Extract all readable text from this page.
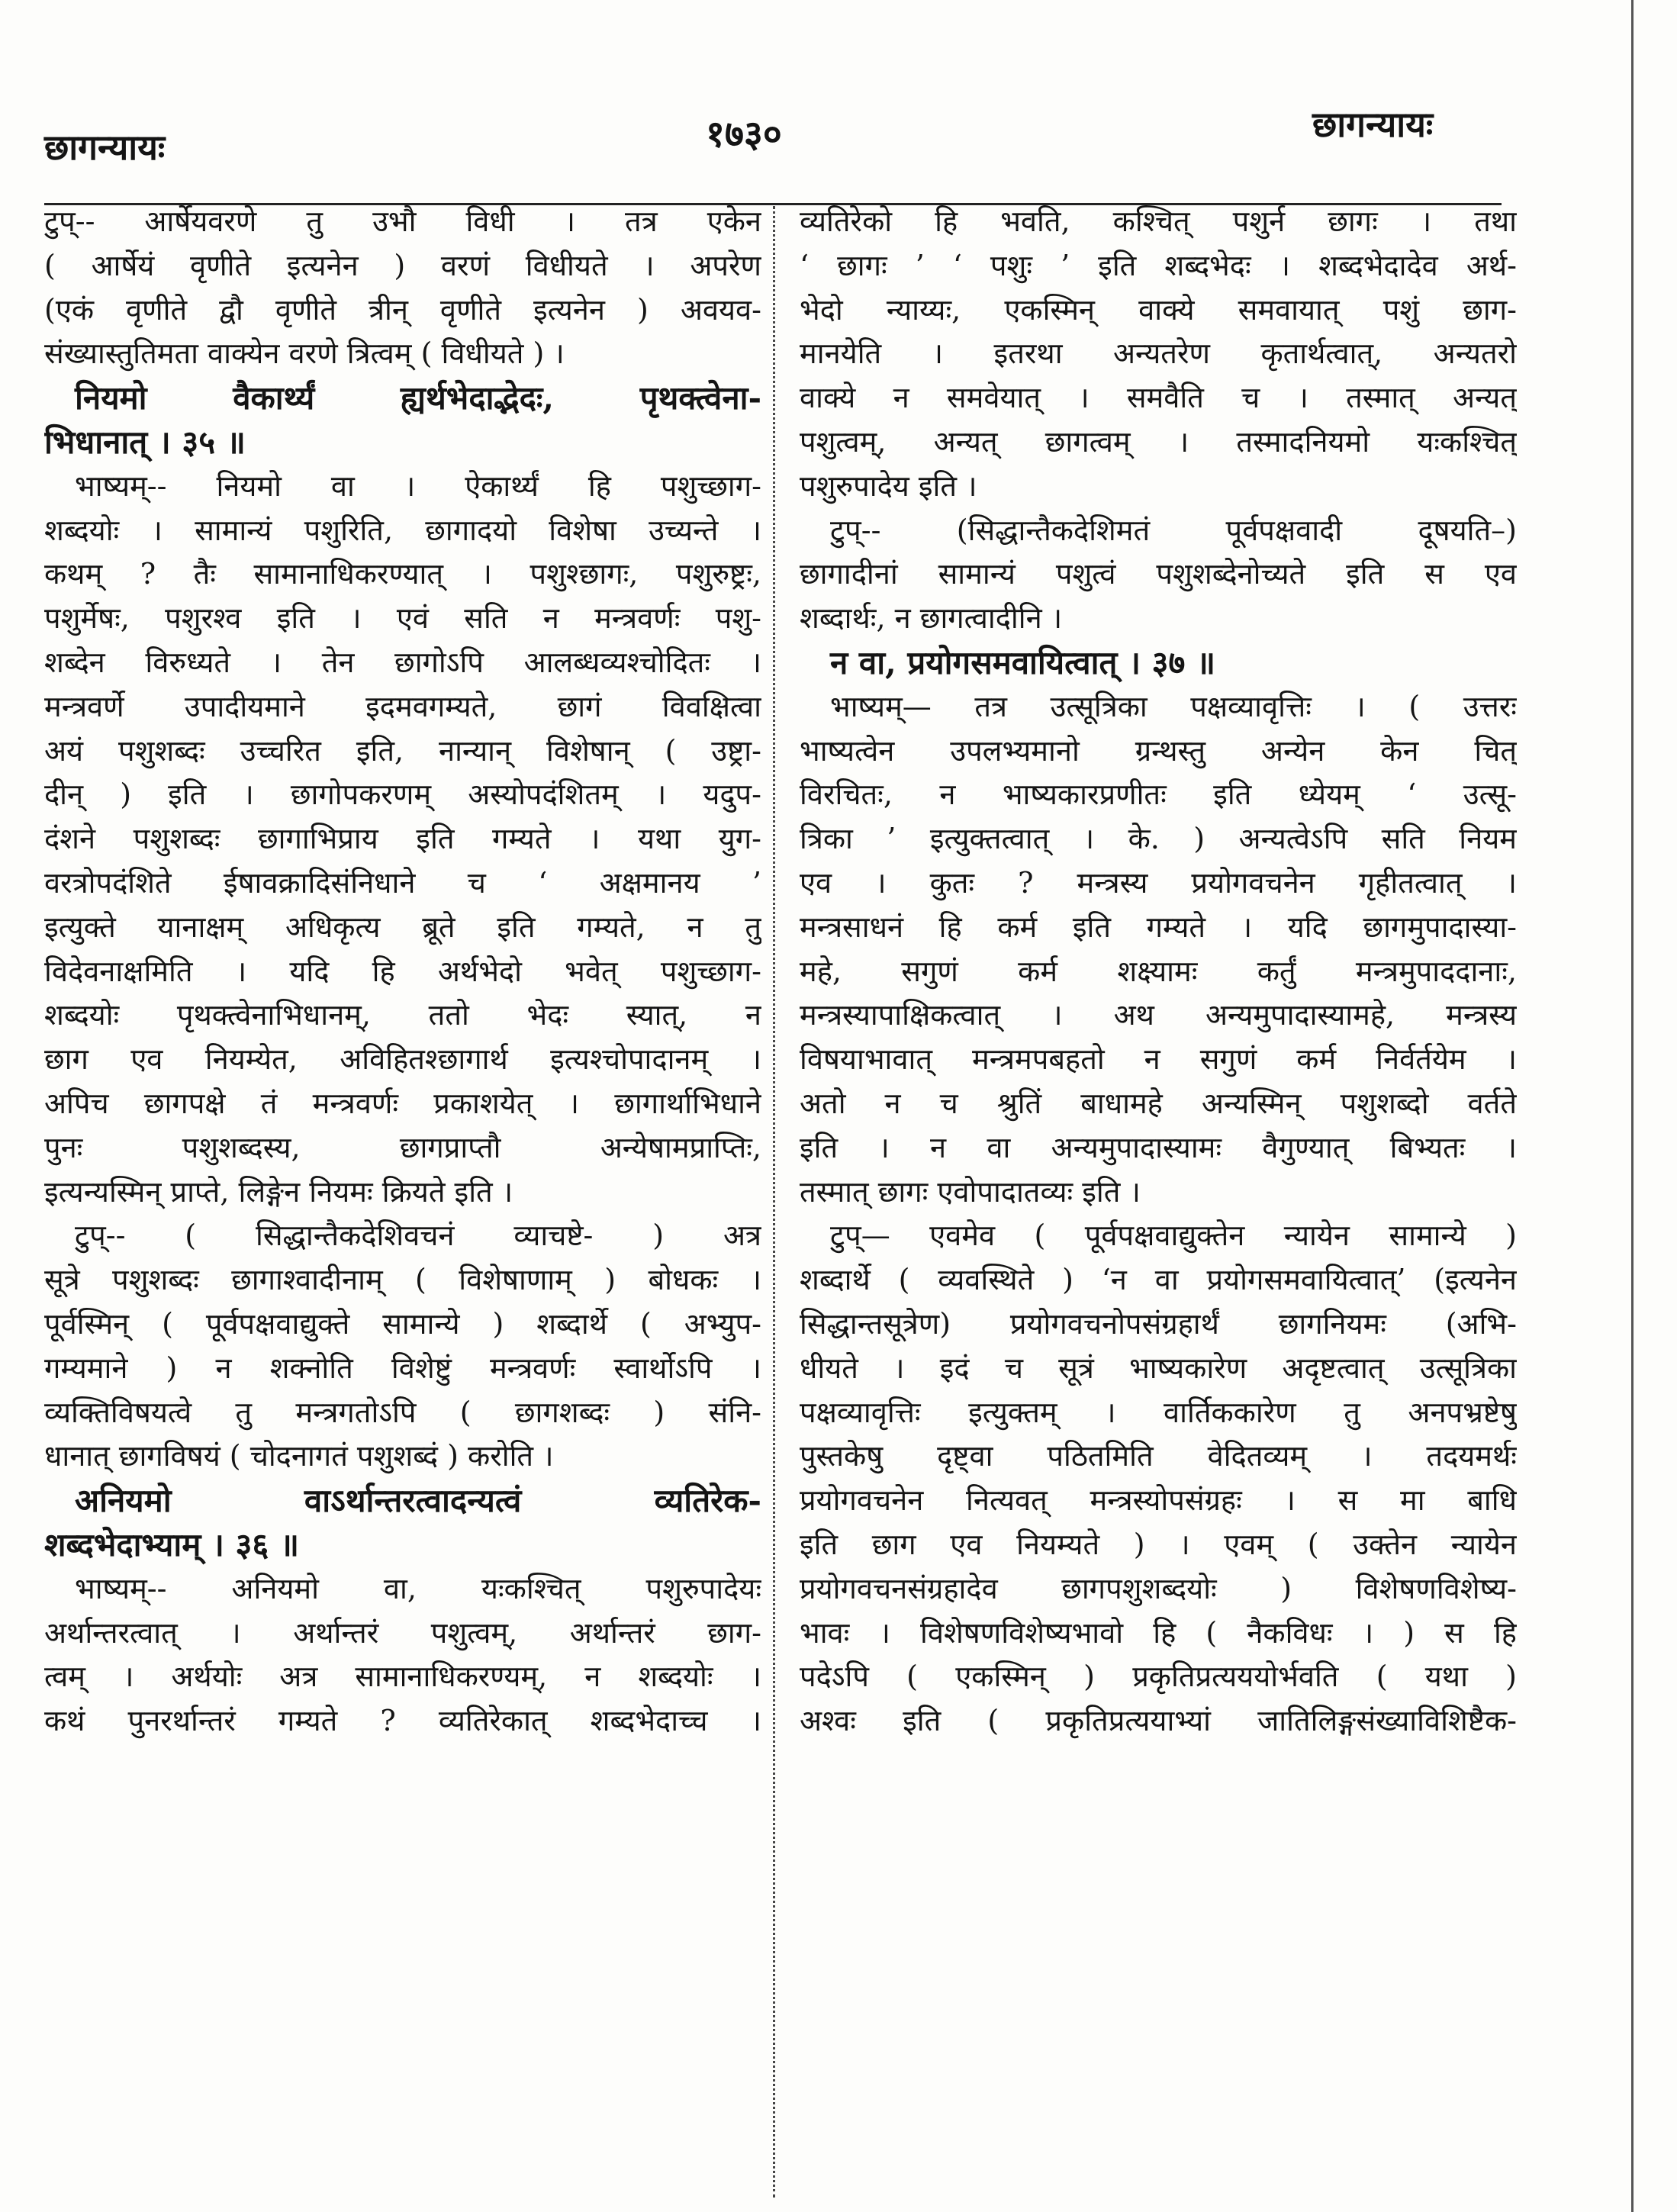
छागन्यायः	१७३०	छागन्यायः
टुप्-- आर्षेयवरणे तु उभौ विधी । तत्र एकेन
( आर्षेयं वृणीते इत्यनेन ) वरणं विधीयते । अपरेण
(एकं वृणीते द्वौ वृणीते त्रीन् वृणीते इत्यनेन ) अवयव-
संख्यास्तुतिमता वाक्येन वरणे त्रित्वम् ( विधीयते ) ।
नियमो वैकार्थ्यं ह्यर्थभेदाद्भेदः, पृथक्त्वेना-
भिधानात् । ३५ ॥
भाष्यम्-- नियमो वा । ऐकार्थ्यं हि पशुच्छाग-
शब्दयोः । सामान्यं पशुरिति, छागादयो विशेषा उच्यन्ते ।
कथम् ? तैः सामानाधिकरण्यात् । पशुश्छागः, पशुरुष्ट्रः,
पशुर्मेषः, पशुरश्व इति । एवं सति न मन्त्रवर्णः पशु-
शब्देन विरुध्यते । तेन छागोऽपि आलब्धव्यश्चोदितः ।
मन्त्रवर्णे उपादीयमाने इदमवगम्यते, छागं विवक्षित्वा
अयं पशुशब्दः उच्चरित इति, नान्यान् विशेषान् ( उष्ट्रा-
दीन् ) इति । छागोपकरणम् अस्योपदंशितम् । यदुप-
दंशने पशुशब्दः छागाभिप्राय इति गम्यते । यथा युग-
वरत्रोपदंशिते ईषावक्रादिसंनिधाने च ‘ अक्षमानय ’
इत्युक्ते यानाक्षम् अधिकृत्य ब्रूते इति गम्यते, न तु
विदेवनाक्षमिति । यदि हि अर्थभेदो भवेत् पशुच्छाग-
शब्दयोः पृथक्त्वेनाभिधानम्, ततो भेदः स्यात्, न
छाग एव नियम्येत, अविहितश्छागार्थ इत्यश्चोपादानम् ।
अपिच छागपक्षे तं मन्त्रवर्णः प्रकाशयेत् । छागार्थाभिधाने
पुनः पशुशब्दस्य, छागप्राप्तौ अन्येषामप्राप्तिः,
इत्यन्यस्मिन् प्राप्ते, लिङ्गेन नियमः क्रियते इति ।
टुप्-- ( सिद्धान्तैकदेशिवचनं व्याचष्टे- ) अत्र
सूत्रे पशुशब्दः छागाश्वादीनाम् ( विशेषाणाम् ) बोधकः ।
पूर्वस्मिन् ( पूर्वपक्षवाद्युक्ते सामान्ये ) शब्दार्थे ( अभ्युप-
गम्यमाने ) न शक्नोति विशेष्टुं मन्त्रवर्णः स्वार्थोऽपि ।
व्यक्तिविषयत्वे तु मन्त्रगतोऽपि ( छागशब्दः ) संनि-
धानात् छागविषयं ( चोदनागतं पशुशब्दं ) करोति ।
अनियमो वाऽर्थान्तरत्वादन्यत्वं व्यतिरेक-
शब्दभेदाभ्याम् । ३६ ॥
भाष्यम्-- अनियमो वा, यःकश्चित् पशुरुपादेयः
अर्थान्तरत्वात् । अर्थान्तरं पशुत्वम्, अर्थान्तरं छाग-
त्वम् । अर्थयोः अत्र सामानाधिकरण्यम्, न शब्दयोः ।
कथं पुनरर्थान्तरं गम्यते ? व्यतिरेकात् शब्दभेदाच्च ।
व्यतिरेको हि भवति, कश्चित् पशुर्न छागः । तथा
‘ छागः ’ ‘ पशुः ’ इति शब्दभेदः । शब्दभेदादेव अर्थ-
भेदो न्याय्यः, एकस्मिन् वाक्ये समवायात् पशुं छाग-
मानयेति । इतरथा अन्यतरेण कृतार्थत्वात्, अन्यतरो
वाक्ये न समवेयात् । समवैति च । तस्मात् अन्यत्
पशुत्वम्, अन्यत् छागत्वम् । तस्मादनियमो यःकश्चित्
पशुरुपादेय इति ।
टुप्-- (सिद्धान्तैकदेशिमतं पूर्वपक्षवादी दूषयति–)
छागादीनां सामान्यं पशुत्वं पशुशब्देनोच्यते इति स एव
शब्दार्थः, न छागत्वादीनि ।
न वा, प्रयोगसमवायित्वात् । ३७ ॥
भाष्यम्— तत्र उत्सूत्रिका पक्षव्यावृत्तिः । ( उत्तरः
भाष्यत्वेन उपलभ्यमानो ग्रन्थस्तु अन्येन केन चित्
विरचितः, न भाष्यकारप्रणीतः इति ध्येयम् ‘ उत्सू-
त्रिका ’ इत्युक्तत्वात् । के. ) अन्यत्वेऽपि सति नियम
एव । कुतः ? मन्त्रस्य प्रयोगवचनेन गृहीतत्वात् ।
मन्त्रसाधनं हि कर्म इति गम्यते । यदि छागमुपादास्या-
महे, सगुणं कर्म शक्ष्यामः कर्तुं मन्त्रमुपाददानाः,
मन्त्रस्यापाक्षिकत्वात् । अथ अन्यमुपादास्यामहे, मन्त्रस्य
विषयाभावात् मन्त्रमपबहतो न सगुणं कर्म निर्वर्तयेम ।
अतो न च श्रुतिं बाधामहे अन्यस्मिन् पशुशब्दो वर्तते
इति । न वा अन्यमुपादास्यामः वैगुण्यात् बिभ्यतः ।
तस्मात् छागः एवोपादातव्यः इति ।
टुप्— एवमेव ( पूर्वपक्षवाद्युक्तेन न्यायेन सामान्ये )
शब्दार्थे ( व्यवस्थिते ) ‘न वा प्रयोगसमवायित्वात्’ (इत्यनेन
सिद्धान्तसूत्रेण) प्रयोगवचनोपसंग्रहार्थं छागनियमः (अभि-
धीयते । इदं च सूत्रं भाष्यकारेण अदृष्टत्वात् उत्सूत्रिका
पक्षव्यावृत्तिः इत्युक्तम् । वार्तिककारेण तु अनपभ्रष्टेषु
पुस्तकेषु दृष्ट्वा पठितमिति वेदितव्यम् । तदयमर्थः
प्रयोगवचनेन नित्यवत् मन्त्रस्योपसंग्रहः । स मा बाधि
इति छाग एव नियम्यते ) । एवम् ( उक्तेन न्यायेन
प्रयोगवचनसंग्रहादेव छागपशुशब्दयोः ) विशेषणविशेष्य-
भावः । विशेषणविशेष्यभावो हि ( नैकविधः । ) स हि
पदेऽपि ( एकस्मिन् ) प्रकृतिप्रत्यययोर्भवति ( यथा )
अश्वः इति ( प्रकृतिप्रत्ययाभ्यां जातिलिङ्गसंख्याविशिष्टैक-
